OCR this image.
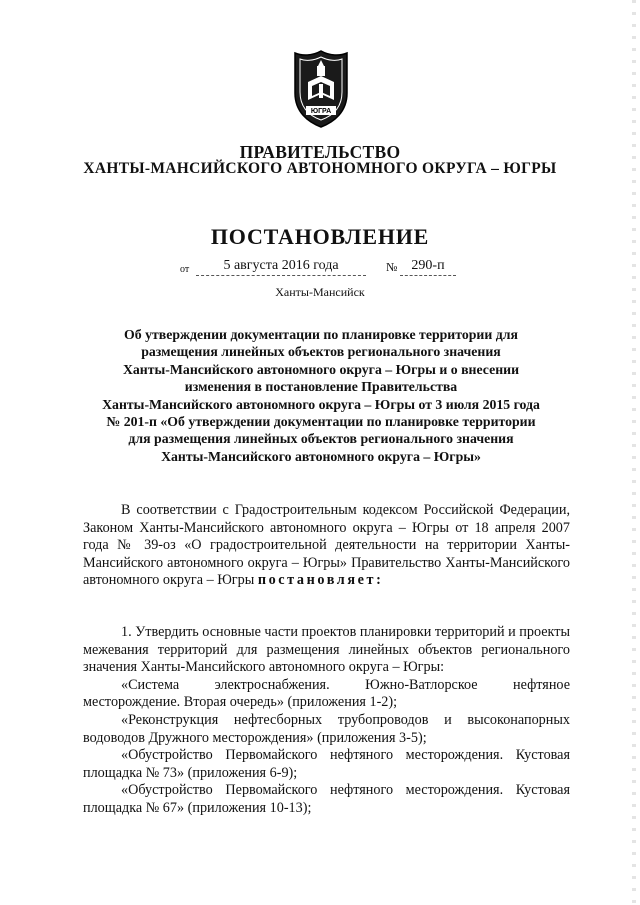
ЮГРА
ПРАВИТЕЛЬСТВО
ХАНТЫ-МАНСИЙСКОГО АВТОНОМНОГО ОКРУГА – ЮГРЫ
ПОСТАНОВЛЕНИЕ
от	5 августа 2016 года	№ 290-п
Ханты-Мансийск
Об утверждении документации по планировке территории для
размещения линейных объектов регионального значения
Ханты-Мансийского автономного округа – Югры и о внесении
изменения в постановление Правительства
Ханты-Мансийского автономного округа – Югры от 3 июля 2015 года
№ 201-п «Об утверждении документации по планировке территории
для размещения линейных объектов регионального значения
Ханты-Мансийского автономного округа – Югры»
В соответствии с Градостроительным кодексом Российской Федерации, Законом Ханты-Мансийского автономного округа – Югры от 18 апреля 2007 года № 39-оз «О градостроительной деятельности на территории Ханты-Мансийского автономного округа – Югры» Правительство Ханты-Мансийского автономного округа – Югры постановляет:

1. Утвердить основные части проектов планировки территорий и проекты межевания территорий для размещения линейных объектов регионального значения Ханты-Мансийского автономного округа – Югры:

«Система электроснабжения. Южно-Ватлорское нефтяное месторождение. Вторая очередь» (приложения 1-2);

«Реконструкция нефтесборных трубопроводов и высоконапорных водоводов Дружного месторождения» (приложения 3-5);

«Обустройство Первомайского нефтяного месторождения. Кустовая площадка № 73» (приложения 6-9);

«Обустройство Первомайского нефтяного месторождения. Кустовая площадка № 67» (приложения 10-13);
